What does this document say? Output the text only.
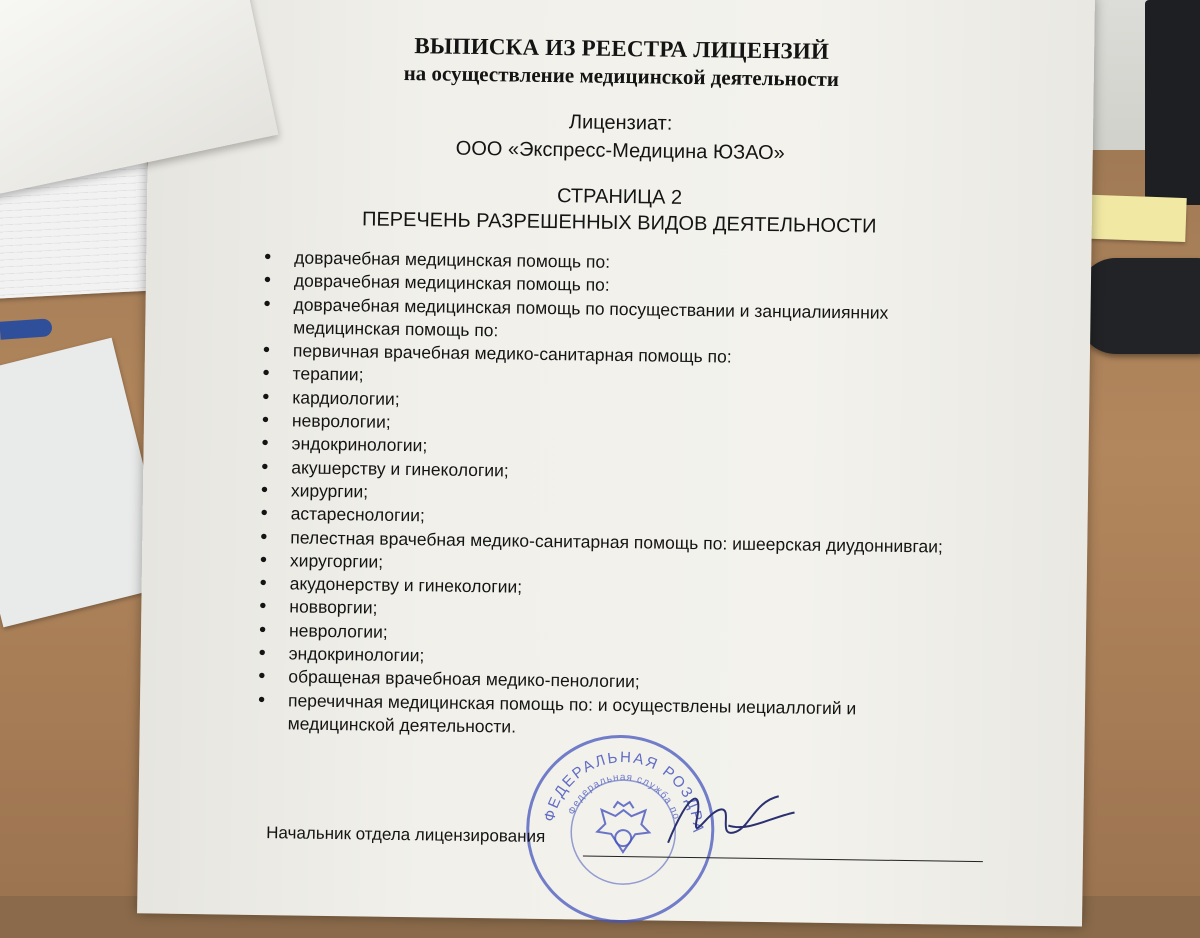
ВЫПИСКА ИЗ РЕЕСТРА ЛИЦЕНЗИЙ
на осуществление медицинской деятельности
Лицензиат:
ООО «Экспресс-Медицина ЮЗАО»
СТРАНИЦА 2
ПЕРЕЧЕНЬ РАЗРЕШЕННЫХ ВИДОВ ДЕЯТЕЛЬНОСТИ
• доврачебная медицинская помощь по:
• доврачебная медицинская помощь по:
• доврачебная медицинская помощь по посуществании и занциалииянних медицинская помощь по:
• первичная врачебная медико-санитарная помощь по:
• терапии;
• кардиологии;
• неврологии;
• эндокринологии;
• акушерству и гинекологии;
• хирургии;
• астареснологии;
• пелестная врачебная медико-санитарная помощь по: ишеерская диудоннивгаи;
• хиругоргии;
• акудонерству и гинекологии;
• новворгии;
• неврологии;
• эндокринологии;
• обращеная врачебноая медико-пенологии;
• перечичная медицинская помощь по: и осуществлены иециаллогий и медицинской деятельности.
ФЕДЕРАЛЬНАЯ РОЗДРАВН
Федеральная служба по
Начальник отдела лицензирования
